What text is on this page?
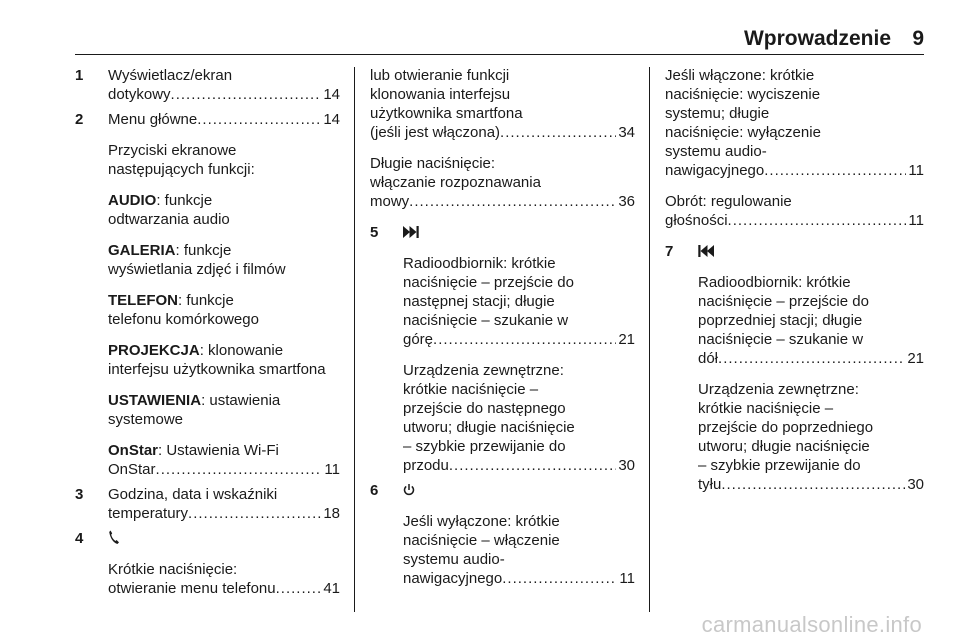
Wprowadzenie 9
1 Wyświetlacz/ekran
dotykowy .....	14
2 Menu główne .....	14
Przyciski ekranowe
następujących funkcji:
AUDIO: funkcje
odtwarzania audio
GALERIA: funkcje
wyświetlania zdjęć i filmów
TELEFON: funkcje
telefonu komórkowego
PROJEKCJA: klonowanie
interfejsu użytkownika smartfona
USTAWIENIA: ustawienia
systemowe
OnStar: Ustawienia Wi-Fi
OnStar .....	11
3 Godzina, data i wskaźniki
temperatury .....	18
4
Krótkie naciśnięcie:
otwieranie menu telefonu .....	41
lub otwieranie funkcji
klonowania interfejsu
użytkownika smartfona
(jeśli jest włączona) .....	34
Długie naciśnięcie:
włączanie rozpoznawania
mowy .....	36
5
Radioodbiornik: krótkie
naciśnięcie – przejście do
następnej stacji; długie
naciśnięcie – szukanie w
górę .....	21
Urządzenia zewnętrzne:
krótkie naciśnięcie –
przejście do następnego
utworu; długie naciśnięcie
– szybkie przewijanie do
przodu .....	30
6
Jeśli wyłączone: krótkie
naciśnięcie – włączenie
systemu audio-
nawigacyjnego .....	11
Jeśli włączone: krótkie
naciśnięcie: wyciszenie
systemu; długie
naciśnięcie: wyłączenie
systemu audio-
nawigacyjnego .....	11
Obrót: regulowanie
głośności .....	11
7
Radioodbiornik: krótkie
naciśnięcie – przejście do
poprzedniej stacji; długie
naciśnięcie – szukanie w
dół .....	21
Urządzenia zewnętrzne:
krótkie naciśnięcie –
przejście do poprzedniego
utworu; długie naciśnięcie
– szybkie przewijanie do
tyłu .....	30
carmanualsonline.info
